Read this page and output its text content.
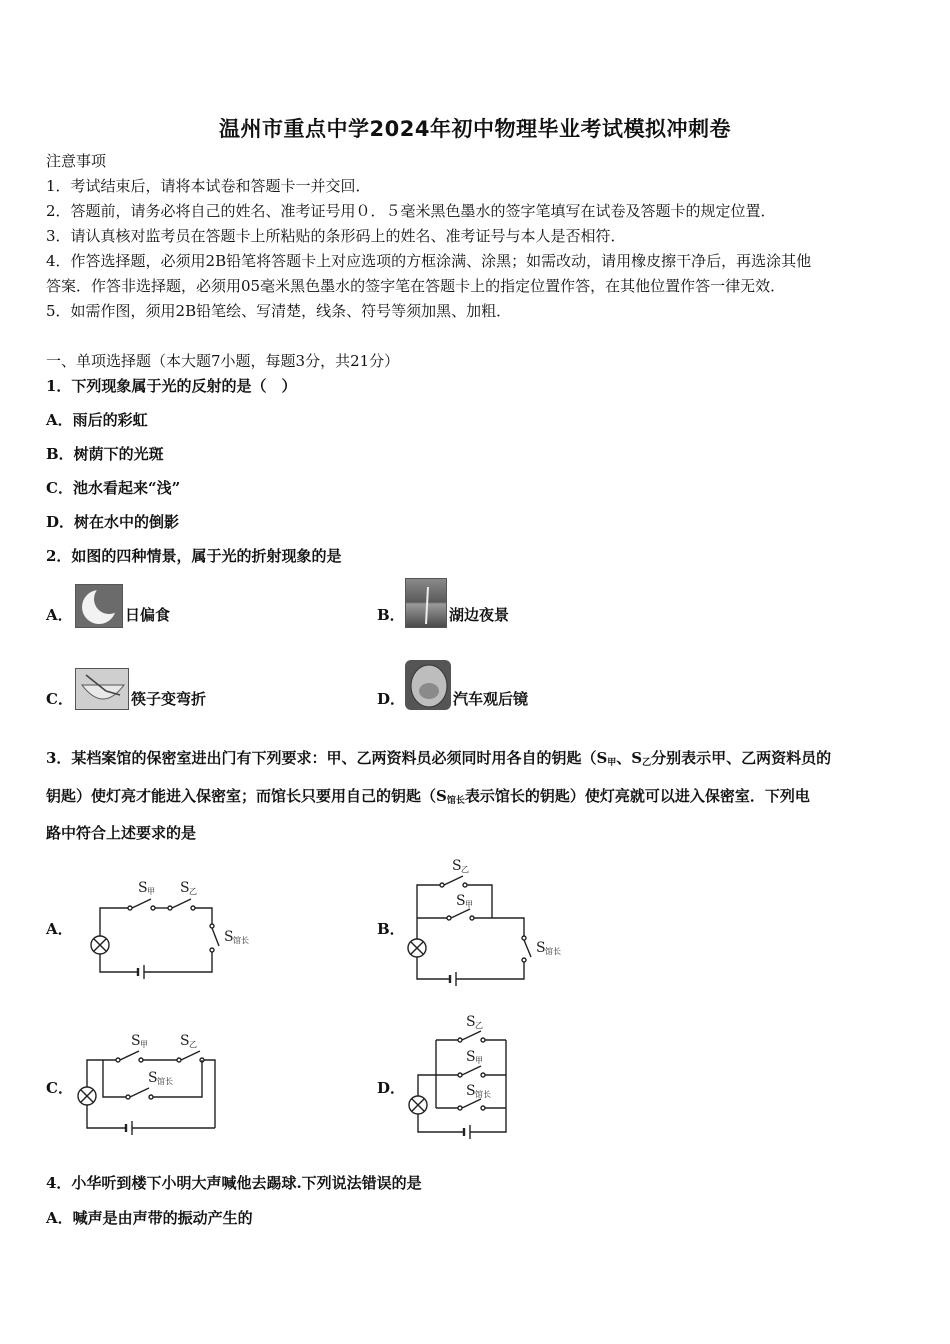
温州市重点中学2024年初中物理毕业考试模拟冲刺卷
注意事项
1．考试结束后，请将本试卷和答题卡一并交回．
2．答题前，请务必将自己的姓名、准考证号用０．５毫米黑色墨水的签字笔填写在试卷及答题卡的规定位置．
3．请认真核对监考员在答题卡上所粘贴的条形码上的姓名、准考证号与本人是否相符．
4．作答选择题，必须用2B铅笔将答题卡上对应选项的方框涂满、涂黑；如需改动，请用橡皮擦干净后，再选涂其他
答案．作答非选择题，必须用05毫米黑色墨水的签字笔在答题卡上的指定位置作答，在其他位置作答一律无效．
5．如需作图，须用2B铅笔绘、写清楚，线条、符号等须加黑、加粗．
一、单项选择题（本大题7小题，每题3分，共21分）
1．下列现象属于光的反射的是（　）
A．雨后的彩虹
B．树荫下的光斑
C．池水看起来“浅”
D．树在水中的倒影
2．如图的四种情景，属于光的折射现象的是
A．	日偏食	B．	湖边夜景
C．	筷子变弯折	D．	汽车观后镜
3．某档案馆的保密室进出门有下列要求：甲、乙两资料员必须同时用各自的钥匙（$S_甲$、$S_乙$分别表示甲、乙两资料员的
钥匙）使灯亮才能进入保密室；而馆长只要用自己的钥匙（$S_{馆长}$表示馆长的钥匙）使灯亮就可以进入保密室．下列电
路中符合上述要求的是
A．
S 甲 S 乙
S 馆长
B．
S 乙
S 甲
S 馆长
C．
S 甲 S 乙
S 馆长	D．
S 乙
S 甲
S 馆长
4．小华听到楼下小明大声喊他去踢球.下列说法错误的是
A．喊声是由声带的振动产生的
